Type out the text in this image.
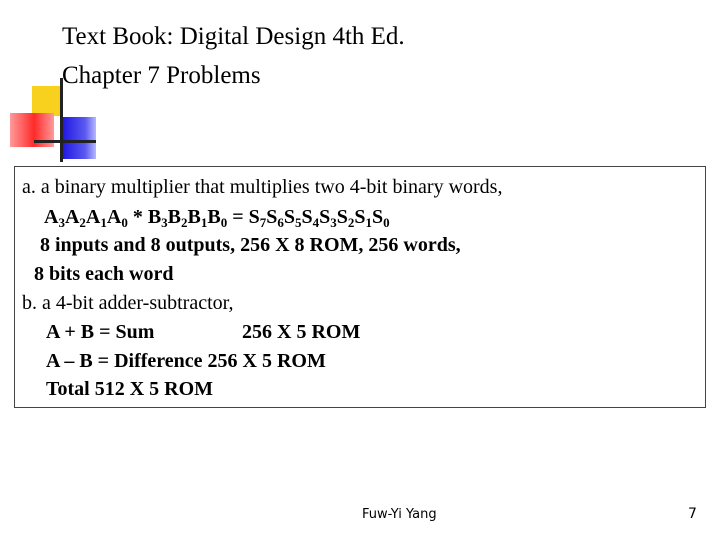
Text Book: Digital Design 4th Ed.
Chapter 7 Problems
a. a binary multiplier that multiplies two 4-bit binary words,
$A_3A_2A_1A_0 * B_3B_2B_1B_0 = S_7S_6S_5S_4S_3S_2S_1S_0$
8 inputs and 8 outputs, 256 X 8 ROM, 256 words,
8 bits each word
b. a 4-bit adder-subtractor,
A + B = Sum	256 X 5 ROM
A – B = Difference 256 X 5 ROM
Total 512 X 5 ROM
Fuw-Yi Yang	7
